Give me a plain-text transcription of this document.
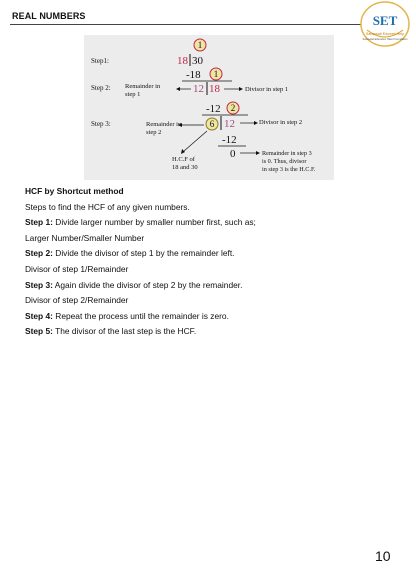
REAL NUMBERS	SET
Saraswati Eduweb Help
Saraswati Education Talent Foundation
Step1:
Step 2:
Step 3:
1
18 30
-18 1
12 18
Remainder in
step 1
Divisor in step 1
-12 2
6 12
Remainder in
step 2
Divisor in step 2
-12
0
H.C.F of
18 and 30
Remainder in step 3
is 0. Thus, divisor
in step 3 is the H.C.F.

HCF by Shortcut method

Steps to find the HCF of any given numbers.

Step 1: Divide larger number by smaller number first, such as;

Larger Number/Smaller Number

Step 2: Divide the divisor of step 1 by the remainder left.

Divisor of step 1/Remainder

Step 3: Again divide the divisor of step 2 by the remainder.

Divisor of step 2/Remainder

Step 4: Repeat the process until the remainder is zero.

Step 5: The divisor of the last step is the HCF.

10
